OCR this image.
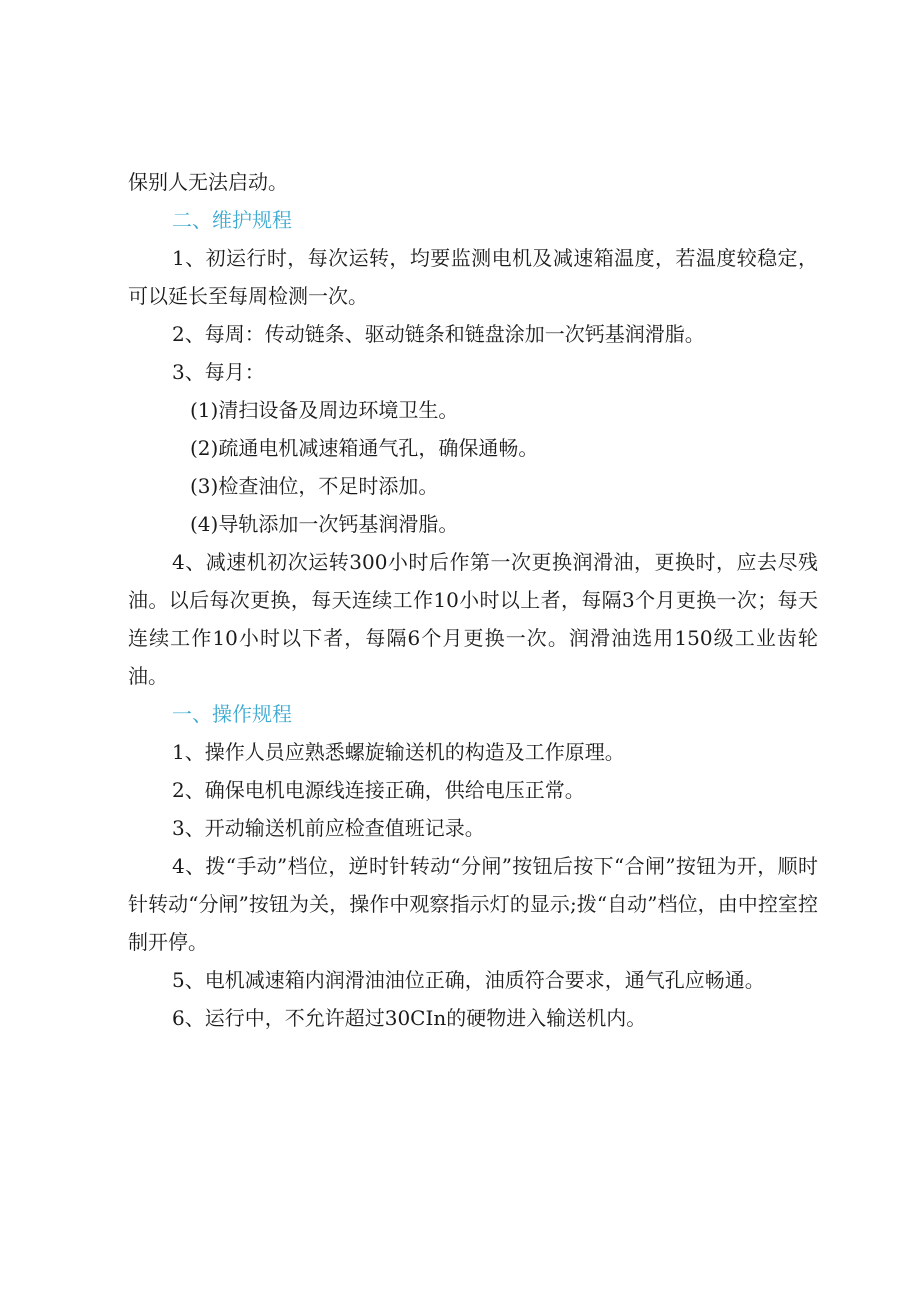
保别人无法启动。

二、维护规程

1、初运行时，每次运转，均要监测电机及减速箱温度，若温度较稳定，可以延长至每周检测一次。

2、每周：传动链条、驱动链条和链盘涂加一次钙基润滑脂。

3、每月：

(1)清扫设备及周边环境卫生。

(2)疏通电机减速箱通气孔，确保通畅。

(3)检查油位，不足时添加。

(4)导轨添加一次钙基润滑脂。

4、减速机初次运转300小时后作第一次更换润滑油，更换时，应去尽残油。以后每次更换，每天连续工作10小时以上者，每隔3个月更换一次；每天连续工作10小时以下者，每隔6个月更换一次。润滑油选用150级工业齿轮油。

一、操作规程

1、操作人员应熟悉螺旋输送机的构造及工作原理。

2、确保电机电源线连接正确，供给电压正常。

3、开动输送机前应检查值班记录。

4、拨“手动”档位，逆时针转动“分闸”按钮后按下“合闸”按钮为开，顺时针转动“分闸”按钮为关，操作中观察指示灯的显示;拨“自动”档位，由中控室控制开停。

5、电机减速箱内润滑油油位正确，油质符合要求，通气孔应畅通。

6、运行中，不允许超过30CIn的硬物进入输送机内。
